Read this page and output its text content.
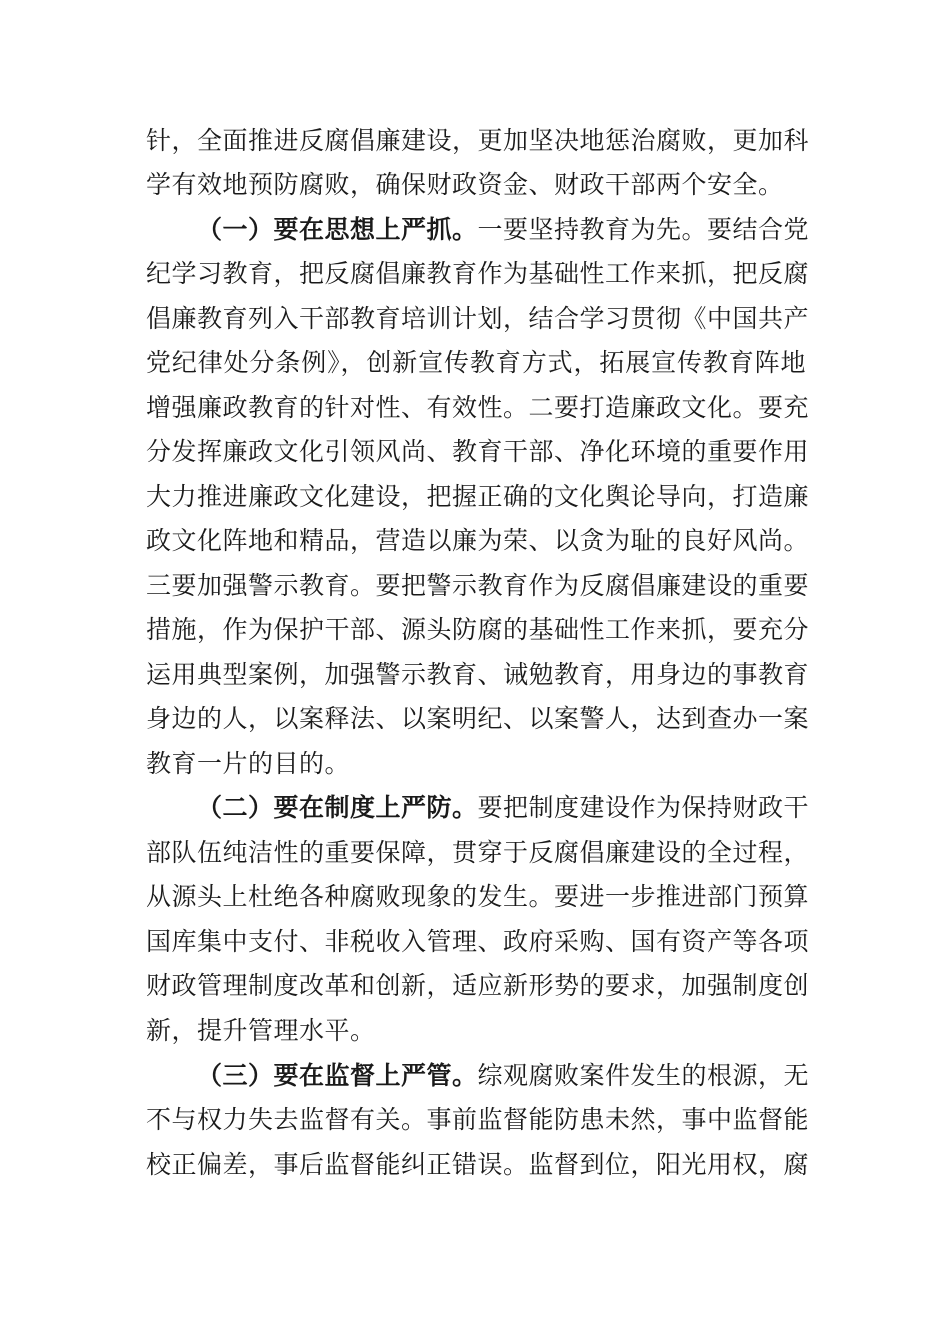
针，全面推进反腐倡廉建设，更加坚决地惩治腐败，更加科
学有效地预防腐败，确保财政资金、财政干部两个安全。
（一）要在思想上严抓。一要坚持教育为先。要结合党
纪学习教育，把反腐倡廉教育作为基础性工作来抓，把反腐
倡廉教育列入干部教育培训计划，结合学习贯彻《中国共产
党纪律处分条例》，创新宣传教育方式，拓展宣传教育阵地
增强廉政教育的针对性、有效性。二要打造廉政文化。要充
分发挥廉政文化引领风尚、教育干部、净化环境的重要作用
大力推进廉政文化建设，把握正确的文化舆论导向，打造廉
政文化阵地和精品，营造以廉为荣、以贪为耻的良好风尚。
三要加强警示教育。要把警示教育作为反腐倡廉建设的重要
措施，作为保护干部、源头防腐的基础性工作来抓，要充分
运用典型案例，加强警示教育、诫勉教育，用身边的事教育
身边的人，以案释法、以案明纪、以案警人，达到查办一案
教育一片的目的。
（二）要在制度上严防。要把制度建设作为保持财政干
部队伍纯洁性的重要保障，贯穿于反腐倡廉建设的全过程，
从源头上杜绝各种腐败现象的发生。要进一步推进部门预算
国库集中支付、非税收入管理、政府采购、国有资产等各项
财政管理制度改革和创新，适应新形势的要求，加强制度创
新，提升管理水平。
（三）要在监督上严管。综观腐败案件发生的根源，无
不与权力失去监督有关。事前监督能防患未然，事中监督能
校正偏差，事后监督能纠正错误。监督到位，阳光用权，腐
